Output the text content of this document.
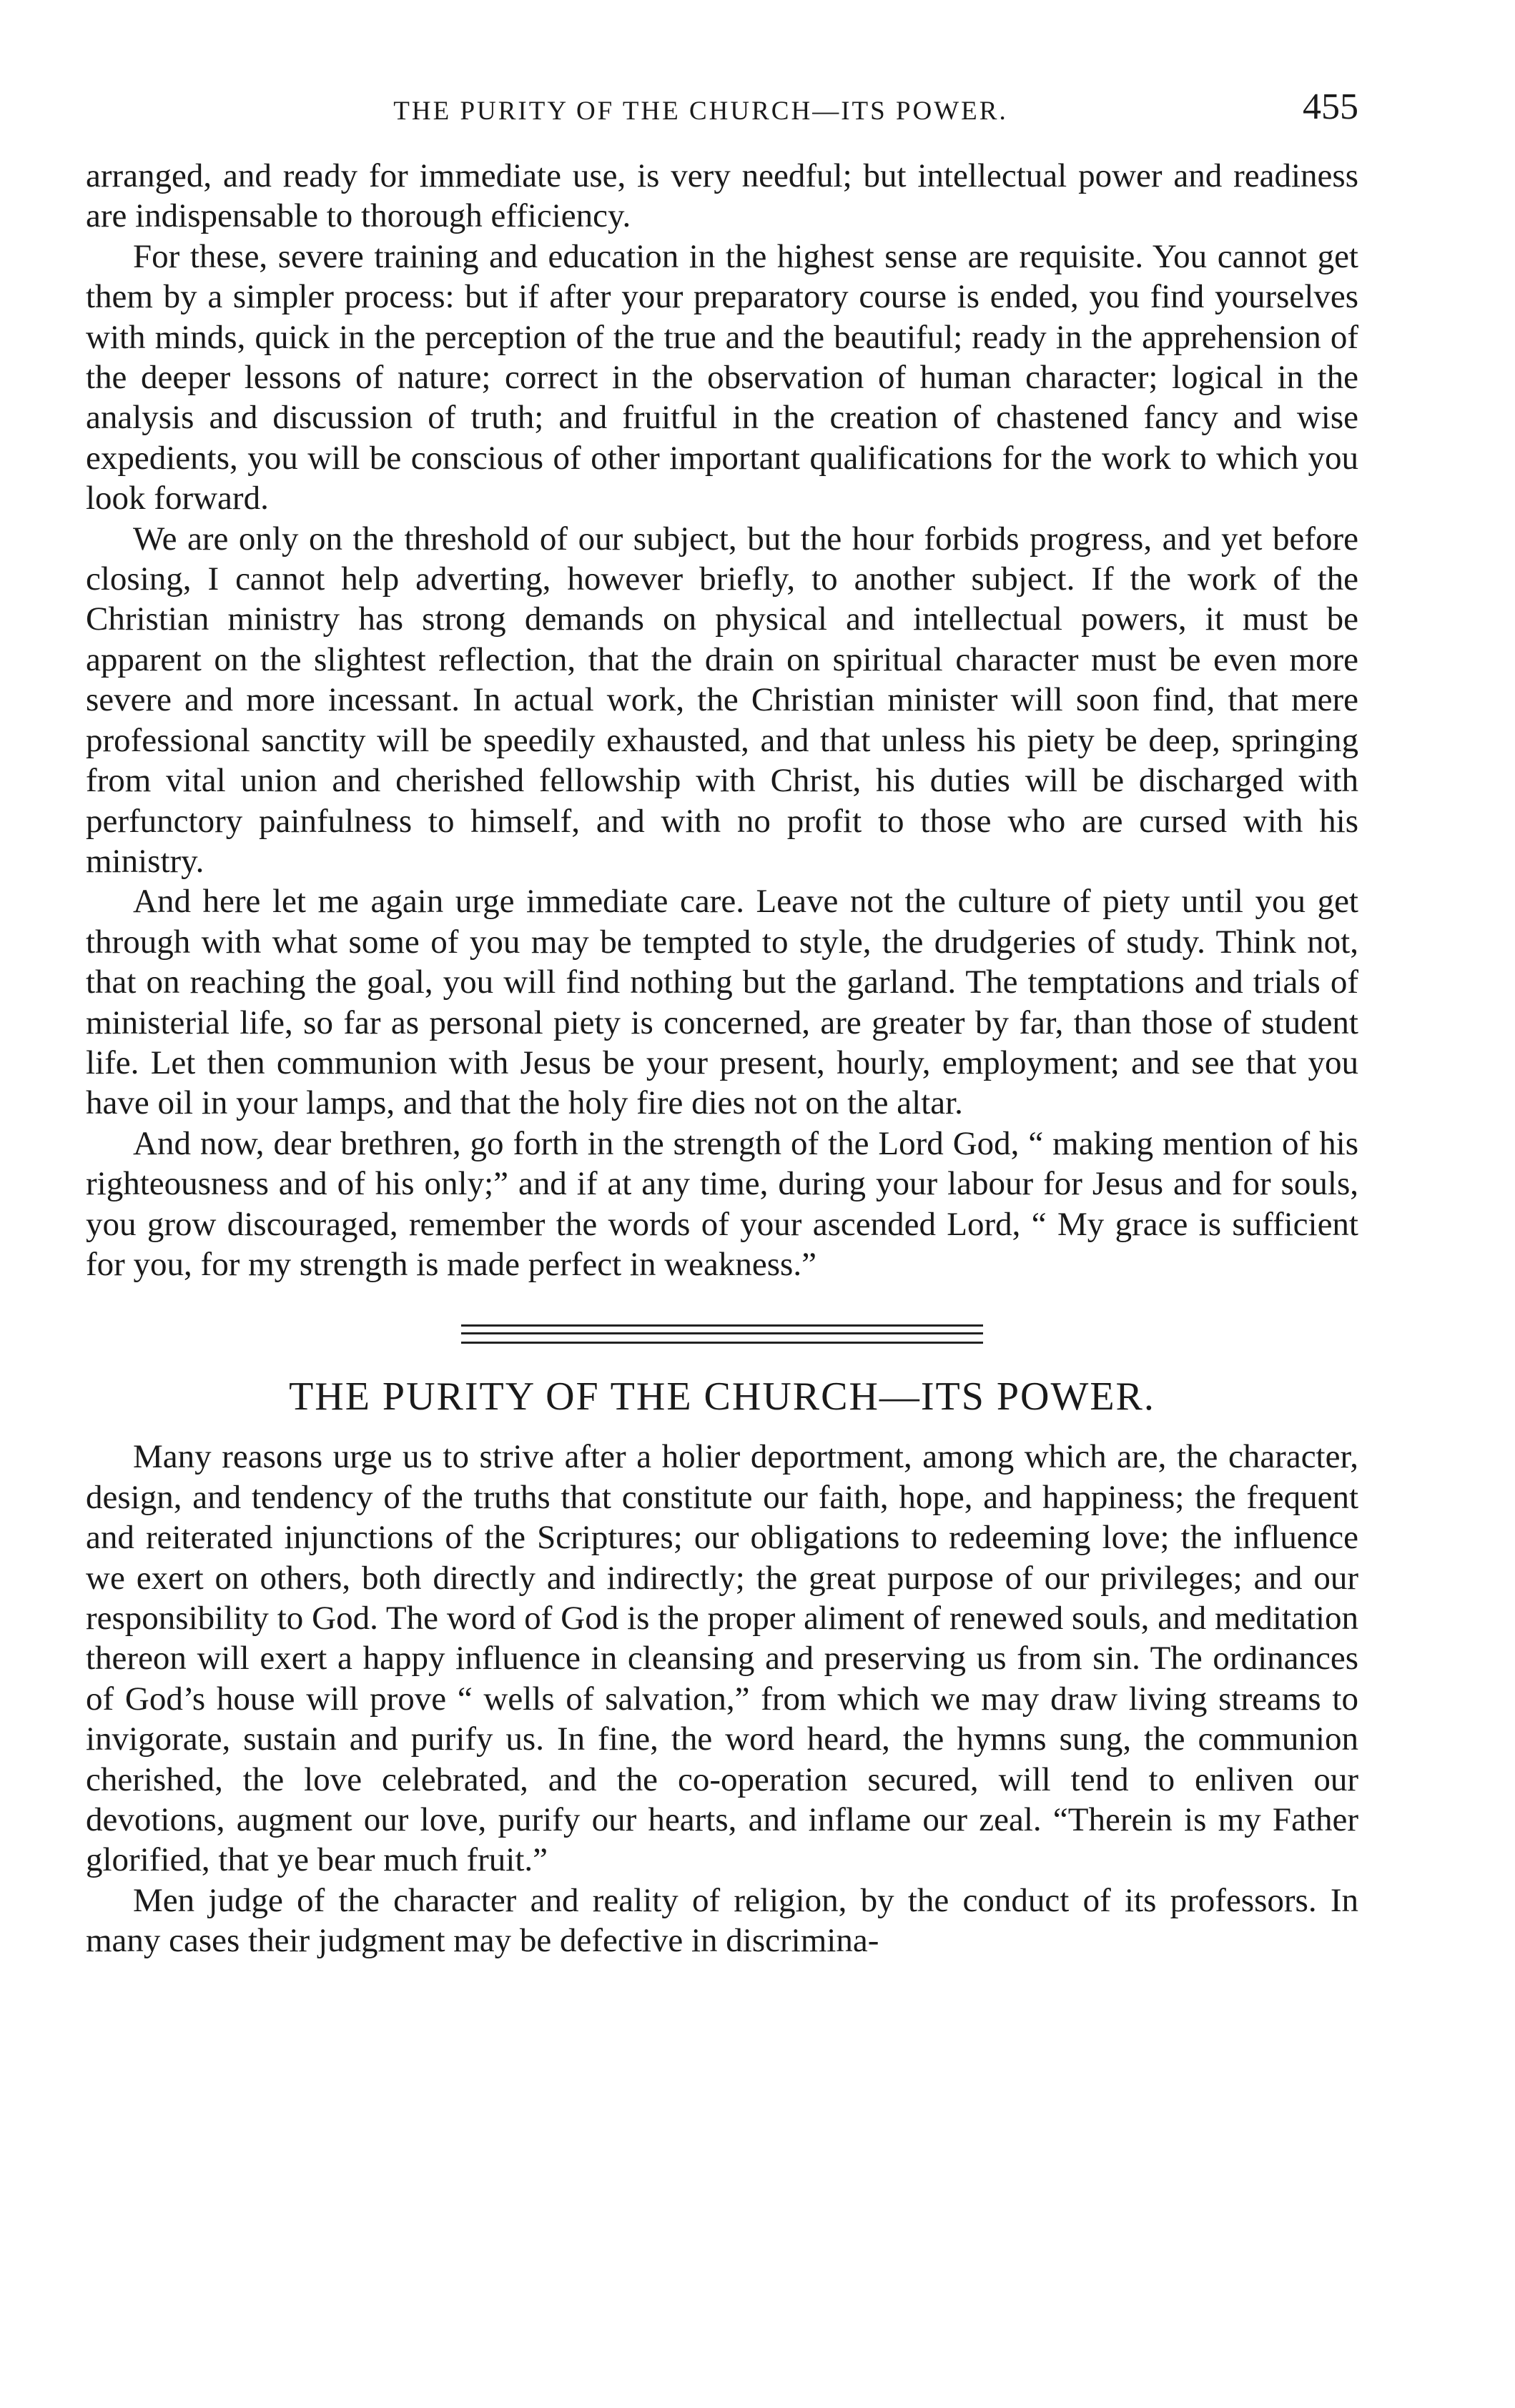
THE PURITY OF THE CHURCH—ITS POWER.	455

arranged, and ready for immediate use, is very needful; but intellectual power and readiness are indispensable to thorough efficiency.

For these, severe training and education in the highest sense are requisite. You cannot get them by a simpler process: but if after your preparatory course is ended, you find yourselves with minds, quick in the perception of the true and the beautiful; ready in the apprehension of the deeper lessons of nature; correct in the observation of human character; logical in the analysis and discussion of truth; and fruitful in the creation of chastened fancy and wise expedients, you will be conscious of other important qualifications for the work to which you look forward.

We are only on the threshold of our subject, but the hour forbids progress, and yet before closing, I cannot help adverting, however briefly, to another subject. If the work of the Christian ministry has strong demands on physical and intellectual powers, it must be apparent on the slightest reflection, that the drain on spiritual character must be even more severe and more incessant. In actual work, the Christian minister will soon find, that mere professional sanctity will be speedily exhausted, and that unless his piety be deep, springing from vital union and cherished fellowship with Christ, his duties will be discharged with perfunctory painfulness to himself, and with no profit to those who are cursed with his ministry.

And here let me again urge immediate care. Leave not the culture of piety until you get through with what some of you may be tempted to style, the drudgeries of study. Think not, that on reaching the goal, you will find nothing but the garland. The temptations and trials of ministerial life, so far as personal piety is concerned, are greater by far, than those of student life. Let then communion with Jesus be your present, hourly, employment; and see that you have oil in your lamps, and that the holy fire dies not on the altar.

And now, dear brethren, go forth in the strength of the Lord God, “ making mention of his righteousness and of his only;” and if at any time, during your labour for Jesus and for souls, you grow discouraged, remember the words of your ascended Lord, “ My grace is sufficient for you, for my strength is made perfect in weakness.”

THE PURITY OF THE CHURCH—ITS POWER.

Many reasons urge us to strive after a holier deportment, among which are, the character, design, and tendency of the truths that constitute our faith, hope, and happiness; the frequent and reiterated injunctions of the Scriptures; our obligations to redeeming love; the influence we exert on others, both directly and indirectly; the great purpose of our privileges; and our responsibility to God. The word of God is the proper aliment of renewed souls, and meditation thereon will exert a happy influence in cleansing and preserving us from sin. The ordinances of God’s house will prove “ wells of salvation,” from which we may draw living streams to invigorate, sustain and purify us. In fine, the word heard, the hymns sung, the communion cherished, the love celebrated, and the co-operation secured, will tend to enliven our devotions, augment our love, purify our hearts, and inflame our zeal. “Therein is my Father glorified, that ye bear much fruit.”

Men judge of the character and reality of religion, by the conduct of its professors. In many cases their judgment may be defective in discrimina-
